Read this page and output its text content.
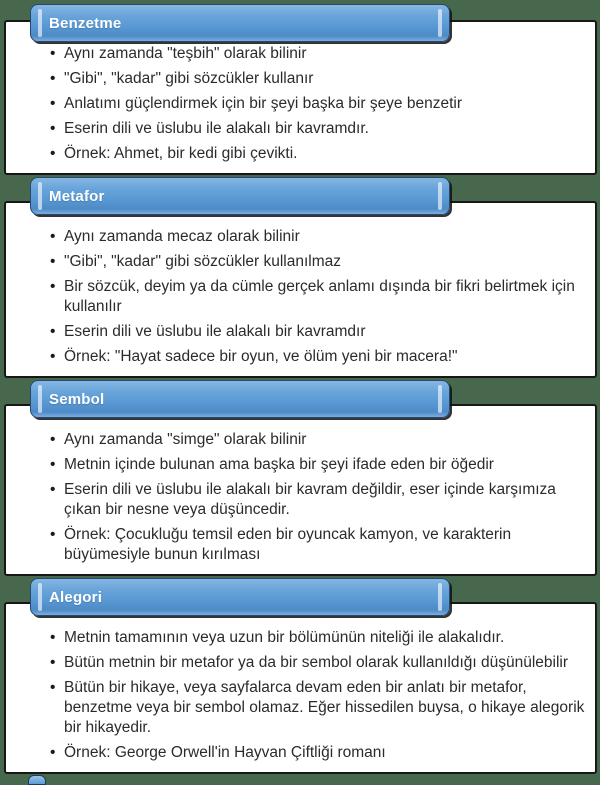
Benzetme
• Aynı zamanda "teşbih" olarak bilinir
• "Gibi", "kadar" gibi sözcükler kullanır
• Anlatımı güçlendirmek için bir şeyi başka bir şeye benzetir
• Eserin dili ve üslubu ile alakalı bir kavramdır.
• Örnek: Ahmet, bir kedi gibi çevikti.
Metafor
• Aynı zamanda mecaz olarak bilinir
• "Gibi", "kadar" gibi sözcükler kullanılmaz
• Bir sözcük, deyim ya da cümle gerçek anlamı dışında bir fikri belirtmek için kullanılır
• Eserin dili ve üslubu ile alakalı bir kavramdır
• Örnek: "Hayat sadece bir oyun, ve ölüm yeni bir macera!"
Sembol
• Aynı zamanda "simge" olarak bilinir
• Metnin içinde bulunan ama başka bir şeyi ifade eden bir öğedir
• Eserin dili ve üslubu ile alakalı bir kavram değildir, eser içinde karşımıza çıkan bir nesne veya düşüncedir.
• Örnek: Çocukluğu temsil eden bir oyuncak kamyon, ve karakterin büyümesiyle bunun kırılması
Alegori
• Metnin tamamının veya uzun bir bölümünün niteliği ile alakalıdır.
• Bütün metnin bir metafor ya da bir sembol olarak kullanıldığı düşünülebilir
• Bütün bir hikaye, veya sayfalarca devam eden bir anlatı bir metafor, benzetme veya bir sembol olamaz. Eğer hissedilen buysa, o hikaye alegorik bir hikayedir.
• Örnek: George Orwell'in Hayvan Çiftliği romanı
